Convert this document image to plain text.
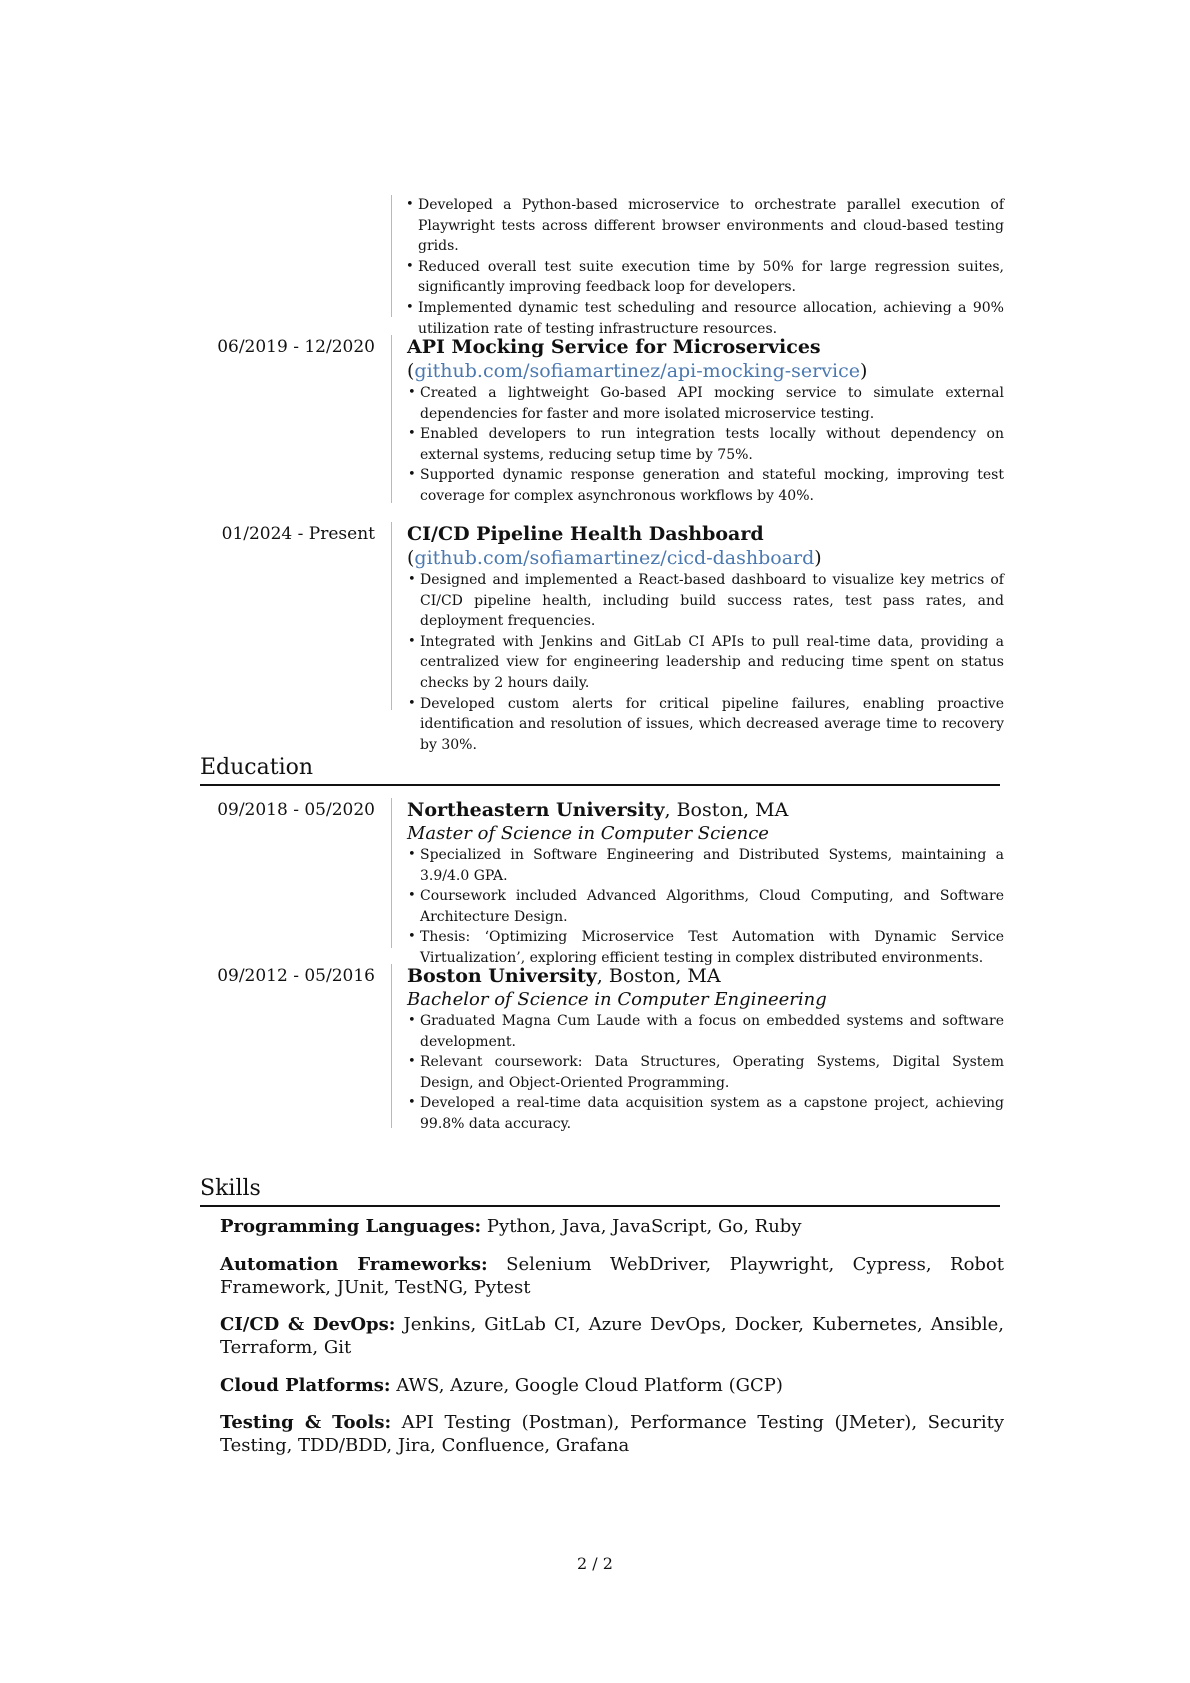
• Developed a Python-based microservice to orchestrate parallel execution of Playwright tests across different browser environments and cloud-based testing grids.
• Reduced overall test suite execution time by 50% for large regression suites, significantly improving feedback loop for developers.
• Implemented dynamic test scheduling and resource allocation, achieving a 90% utilization rate of testing infrastructure resources.
06/2019 - 12/2020 API Mocking Service for Microservices (github.com/sofiamartinez/api-mocking-service)

• Created a lightweight Go-based API mocking service to simulate external dependencies for faster and more isolated microservice testing.
• Enabled developers to run integration tests locally without dependency on external systems, reducing setup time by 75%.
• Supported dynamic response generation and stateful mocking, improving test coverage for complex asynchronous workflows by 40%.
01/2024 - Present CI/CD Pipeline Health Dashboard (github.com/sofiamartinez/cicd-dashboard)

• Designed and implemented a React-based dashboard to visualize key metrics of CI/CD pipeline health, including build success rates, test pass rates, and deployment frequencies.
• Integrated with Jenkins and GitLab CI APIs to pull real-time data, providing a centralized view for engineering leadership and reducing time spent on status checks by 2 hours daily.
• Developed custom alerts for critical pipeline failures, enabling proactive identification and resolution of issues, which decreased average time to recovery by 30%.
Education
09/2018 - 05/2020 Northeastern University, Boston, MA

Master of Science in Computer Science

• Specialized in Software Engineering and Distributed Systems, maintaining a 3.9/4.0 GPA.
• Coursework included Advanced Algorithms, Cloud Computing, and Software Architecture Design.
• Thesis: ‘Optimizing Microservice Test Automation with Dynamic Service Virtualization’, exploring efficient testing in complex distributed environments.
09/2012 - 05/2016 Boston University, Boston, MA

Bachelor of Science in Computer Engineering

• Graduated Magna Cum Laude with a focus on embedded systems and software development.
• Relevant coursework: Data Structures, Operating Systems, Digital System Design, and Object-Oriented Programming.
• Developed a real-time data acquisition system as a capstone project, achieving 99.8% data accuracy.
Skills

Programming Languages: Python, Java, JavaScript, Go, Ruby

Automation Frameworks: Selenium WebDriver, Playwright, Cypress, Robot Framework, JUnit, TestNG, Pytest

CI/CD & DevOps: Jenkins, GitLab CI, Azure DevOps, Docker, Kubernetes, Ansible, Terraform, Git

Cloud Platforms: AWS, Azure, Google Cloud Platform (GCP)

Testing & Tools: API Testing (Postman), Performance Testing (JMeter), Security Testing, TDD/BDD, Jira, Confluence, Grafana

2 / 2
